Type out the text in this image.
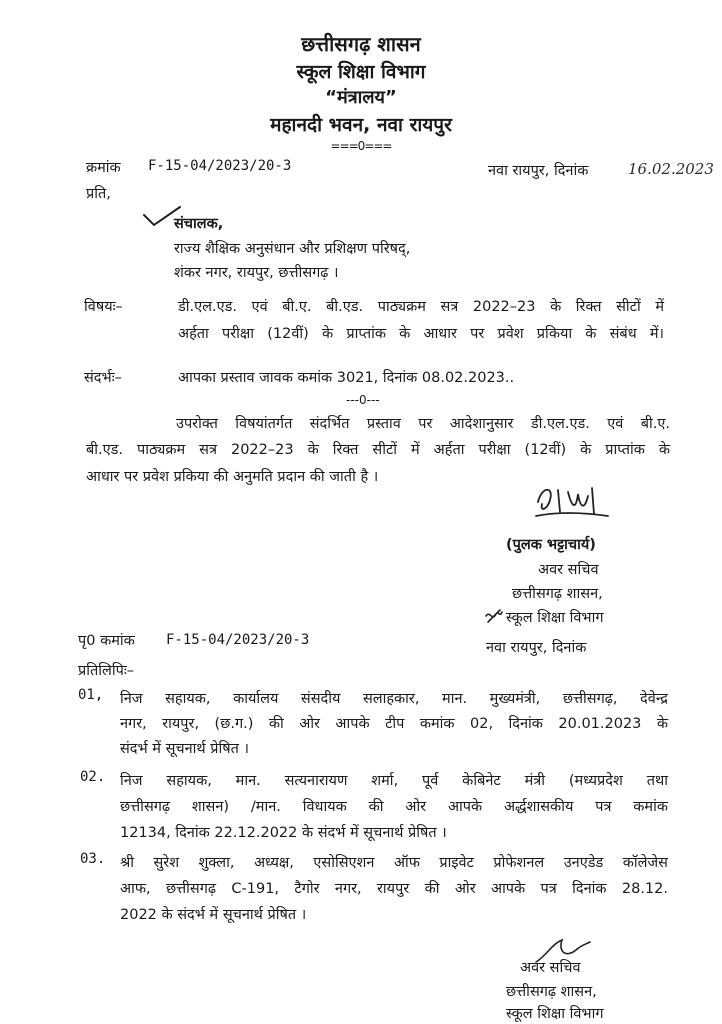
छत्तीसगढ़ शासन
स्कूल शिक्षा विभाग
“मंत्रालय”
महानदी भवन, नवा रायपुर
===0===
क्रमांक F-15-04/2023/20-3	नवा रायपुर, दिनांक	16.02.2023
प्रति,
संचालक,
राज्य शैक्षिक अनुसंधान और प्रशिक्षण परिषद्,
शंकर नगर, रायपुर, छत्तीसगढ़ ।
विषयः–	डी.एल.एड. एवं बी.ए. बी.एड. पाठ्यक्रम सत्र 2022–23 के रिक्त सीटों में
अर्हता परीक्षा (12वीं) के प्राप्तांक के आधार पर प्रवेश प्रकिया के संबंध में।
संदर्भः–	आपका प्रस्ताव जावक कमांक 3021, दिनांक 08.02.2023..
---0---
उपरोक्त विषयांतर्गत संदर्भित प्रस्ताव पर आदेशानुसार डी.एल.एड. एवं बी.ए.
बी.एड. पाठ्यक्रम सत्र 2022–23 के रिक्त सीटों में अर्हता परीक्षा (12वीं) के प्राप्तांक के
आधार पर प्रवेश प्रकिया की अनुमति प्रदान की जाती है ।
(पुलक भट्टाचार्य)
अवर सचिव
छत्तीसगढ़ शासन,
स्कूल शिक्षा विभाग
पृ0 कमांक F-15-04/2023/20-3	नवा रायपुर, दिनांक
प्रतिलिपिः–
01, निज सहायक, कार्यालय संसदीय सलाहकार, मान. मुख्यमंत्री, छत्तीसगढ़, देवेन्द्र
नगर, रायपुर, (छ.ग.) की ओर आपके टीप कमांक 02, दिनांक 20.01.2023 के
संदर्भ में सूचनार्थ प्रेषित ।
02. निज सहायक, मान. सत्यनारायण शर्मा, पूर्व केबिनेट मंत्री (मध्यप्रदेश तथा
छत्तीसगढ़ शासन) /मान. विधायक की ओर आपके अर्द्धशासकीय पत्र कमांक
12134, दिनांक 22.12.2022 के संदर्भ में सूचनार्थ प्रेषित ।
03. श्री सुरेश शुक्ला, अध्यक्ष, एसोसिएशन ऑफ प्राइवेट प्रोफेशनल उनएडेड कॉलेजेस
आफ, छत्तीसगढ़ C-191, टैगोर नगर, रायपुर की ओर आपके पत्र दिनांक 28.12.
2022 के संदर्भ में सूचनार्थ प्रेषित ।
अवर सचिव
छत्तीसगढ़ शासन,
स्कूल शिक्षा विभाग
